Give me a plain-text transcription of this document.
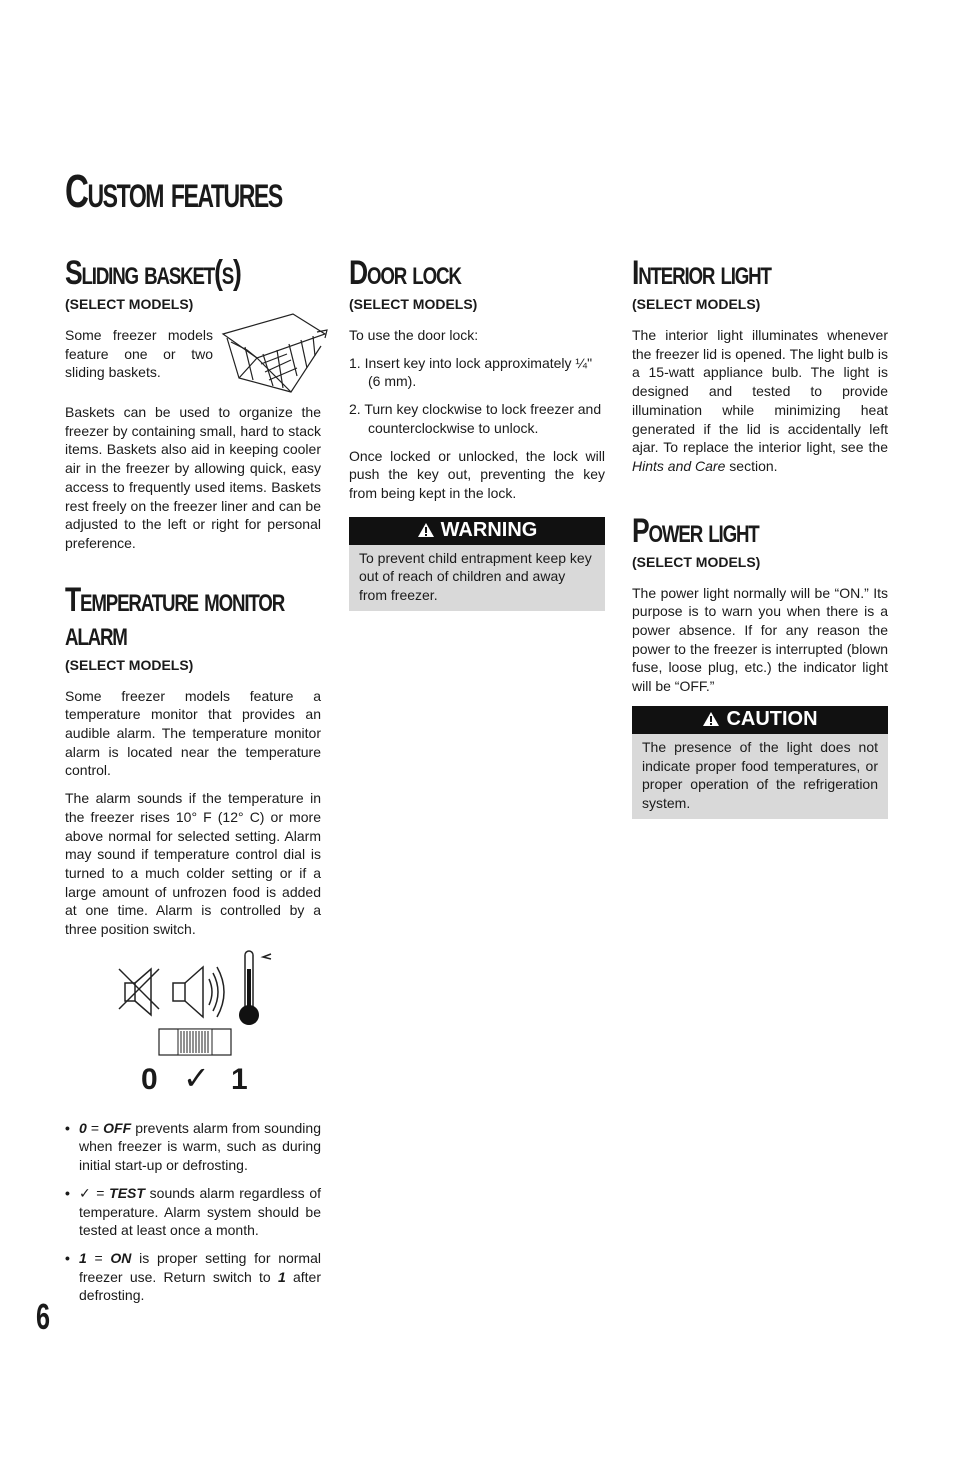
Custom features
Sliding basket(s)
(SELECT MODELS)

Some freezer models feature one or two sliding baskets.

Baskets can be used to organize the freezer by containing small, hard to stack items. Baskets also aid in keeping cooler air in the freezer by allowing quick, easy access to frequently used items. Baskets rest freely on the freezer liner and can be adjusted to the left or right for personal preference.

Temperature monitor alarm
(SELECT MODELS)

Some freezer models feature a temperature monitor that provides an audible alarm. The temperature monitor alarm is located near the temperature control.

The alarm sounds if the temperature in the freezer rises 10° F (12° C) or more above normal for selected setting. Alarm may sound if temperature control dial is turned to a much colder setting or if a large amount of unfrozen food is added at one time. Alarm is controlled by a three position switch.

0 ✓ 1
• 0 = OFF prevents alarm from sounding when freezer is warm, such as during initial start-up or defrosting.
• ✓ = TEST sounds alarm regardless of temperature. Alarm system should be tested at least once a month.
• 1 = ON is proper setting for normal freezer use. Return switch to 1 after defrosting.
Door lock
(SELECT MODELS)

To use the door lock:

1. Insert key into lock approximately ¼" (6 mm).
2. Turn key clockwise to lock freezer and counterclockwise to unlock.

Once locked or unlocked, the lock will push the key out, preventing the key from being kept in the lock.

WARNING
To prevent child entrapment keep key out of reach of children and away from freezer.
Interior light
(SELECT MODELS)

The interior light illuminates whenever the freezer lid is opened. The light bulb is a 15-watt appliance bulb. The light is designed and tested to provide illumination while minimizing heat generated if the lid is accidentally left ajar. To replace the interior light, see the Hints and Care section.

Power light
(SELECT MODELS)

The power light normally will be “ON.” Its purpose is to warn you when there is a power absence. If for any reason the power to the freezer is interrupted (blown fuse, loose plug, etc.) the indicator light will be “OFF.”

CAUTION
The presence of the light does not indicate proper food temperatures, or proper operation of the refrigeration system.
6
